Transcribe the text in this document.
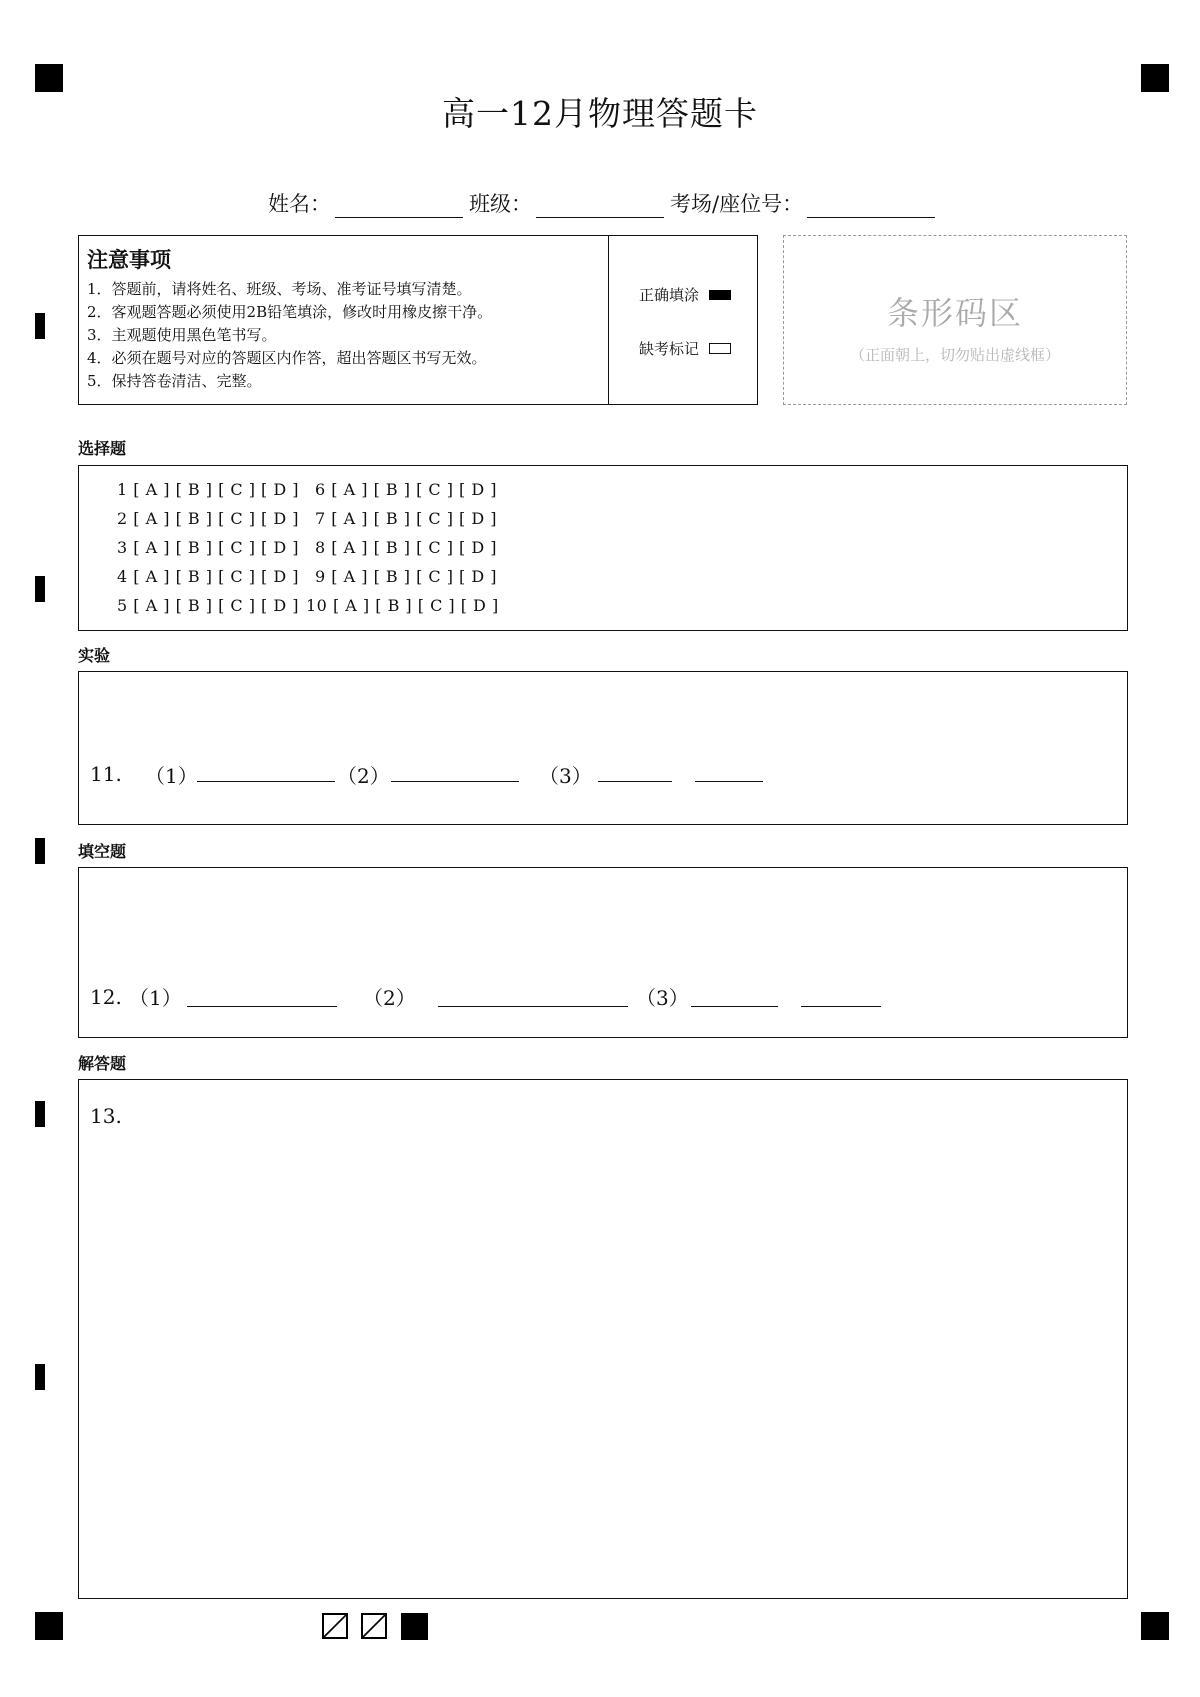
高一12月物理答题卡
姓名：	班级：	考场/座位号：
注意事项
1．答题前，请将姓名、班级、考场、准考证号填写清楚。
2．客观题答题必须使用2B铅笔填涂，修改时用橡皮擦干净。
3．主观题使用黑色笔书写。
4．必须在题号对应的答题区内作答，超出答题区书写无效。
5．保持答卷清洁、完整。
正确填涂
缺考标记
条形码区
（正面朝上，切勿贴出虚线框）
选择题
1 [ A ] [ B ] [ C ] [ D ]
2 [ A ] [ B ] [ C ] [ D ]
3 [ A ] [ B ] [ C ] [ D ]
4 [ A ] [ B ] [ C ] [ D ]
5 [ A ] [ B ] [ C ] [ D ]
6 [ A ] [ B ] [ C ] [ D ]
7 [ A ] [ B ] [ C ] [ D ]
8 [ A ] [ B ] [ C ] [ D ]
9 [ A ] [ B ] [ C ] [ D ]
10 [ A ] [ B ] [ C ] [ D ]
实验
11. （1）	（2）	（3）
填空题
12. （1）	（2）	（3）
解答题
13.
